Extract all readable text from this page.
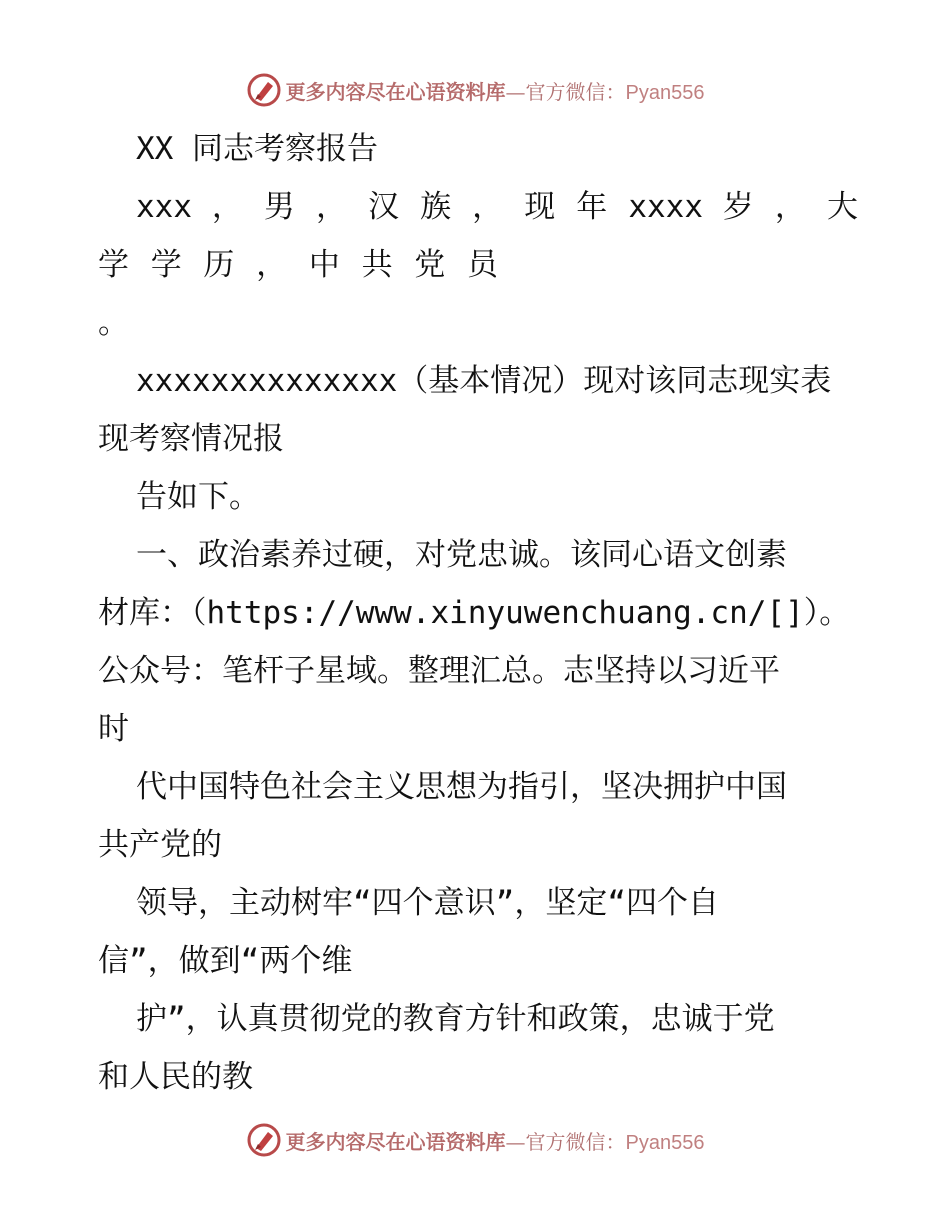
更多内容尽在心语资料库—官方微信：Pyan556

XX 同志考察报告

xxx ， 男 ， 汉 族 ， 现 年 xxxx 岁 ， 大

学 学 历 ， 中 共 党 员 。

xxxxxxxxxxxxxx（基本情况）现对该同志现实表

现考察情况报

告如下。

一、政治素养过硬，对党忠诚。该同心语文创素

材库：（https://www.xinyuwenchuang.cn/[]）。

公众号：笔杆子星域。整理汇总。志坚持以习近平

时

代中国特色社会主义思想为指引，坚决拥护中国

共产党的

领导，主动树牢“四个意识”，坚定“四个自

信”，做到“两个维

护”，认真贯彻党的教育方针和政策，忠诚于党

和人民的教

更多内容尽在心语资料库—官方微信：Pyan556
